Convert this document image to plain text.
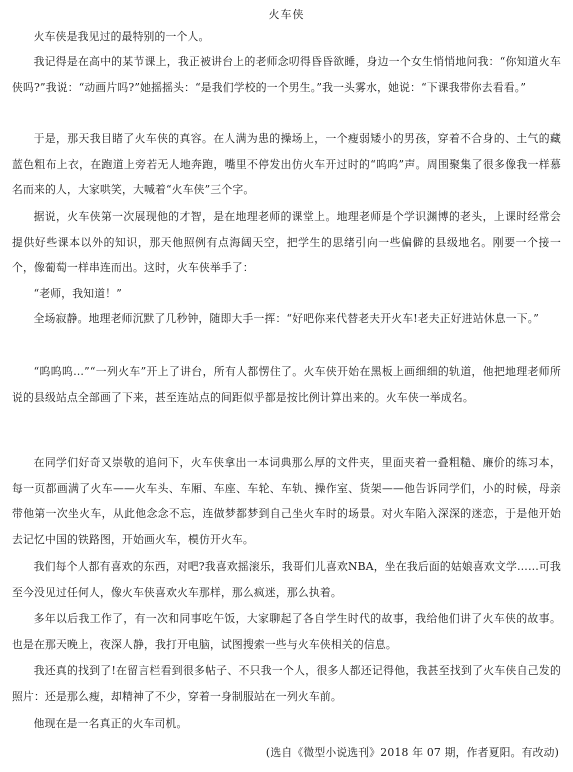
火车侠

火车侠是我见过的最特别的一个人。

我记得是在高中的某节课上，我正被讲台上的老师念叨得昏昏欲睡，身边一个女生悄悄地问我：“你知道火车侠吗?”我说：“动画片吗?”她摇摇头：“是我们学校的一个男生。”我一头雾水，她说：“下课我带你去看看。”

于是，那天我目睹了火车侠的真容。在人满为患的操场上，一个瘦弱矮小的男孩，穿着不合身的、土气的藏蓝色粗布上衣，在跑道上旁若无人地奔跑，嘴里不停发出仿火车开过时的“呜呜”声。周围聚集了很多像我一样慕名而来的人，大家哄笑，大喊着“火车侠”三个字。

据说，火车侠第一次展现他的才智，是在地理老师的课堂上。地理老师是个学识渊博的老头，上课时经常会提供好些课本以外的知识，那天他照例有点海阔天空，把学生的思绪引向一些偏僻的县级地名。刚要一个接一个，像葡萄一样串连而出。这时，火车侠举手了：

“老师，我知道！”

全场寂静。地理老师沉默了几秒钟，随即大手一挥：“好吧你来代替老夫开火车!老夫正好进站休息一下。”

“呜呜呜…”“一列火车”开上了讲台，所有人都愣住了。火车侠开始在黑板上画细细的轨道，他把地理老师所说的县级站点全部画了下来，甚至连站点的间距似乎都是按比例计算出来的。火车侠一举成名。

在同学们好奇又崇敬的追问下，火车侠拿出一本词典那么厚的文件夹，里面夹着一叠粗糙、廉价的练习本，每一页都画满了火车——火车头、车厢、车座、车轮、车轨、操作室、货架——他告诉同学们，小的时候，母亲带他第一次坐火车，从此他念念不忘，连做梦都梦到自己坐火车时的场景。对火车陷入深深的迷恋，于是他开始去记忆中国的铁路图，开始画火车，模仿开火车。

我们每个人都有喜欢的东西，对吧?我喜欢摇滚乐，我哥们儿喜欢NBA，坐在我后面的姑娘喜欢文学……可我至今没见过任何人，像火车侠喜欢火车那样，那么疯迷，那么执着。

多年以后我工作了，有一次和同事吃午饭，大家聊起了各自学生时代的故事，我给他们讲了火车侠的故事。也是在那天晚上，夜深人静，我打开电脑，试图搜索一些与火车侠相关的信息。

我还真的找到了!在留言栏看到很多帖子、不只我一个人，很多人都还记得他，我甚至找到了火车侠自己发的照片：还是那么瘦，却精神了不少，穿着一身制服站在一列火车前。

他现在是一名真正的火车司机。

(选自《微型小说选刊》2018 年 07 期，作者夏阳。有改动)
